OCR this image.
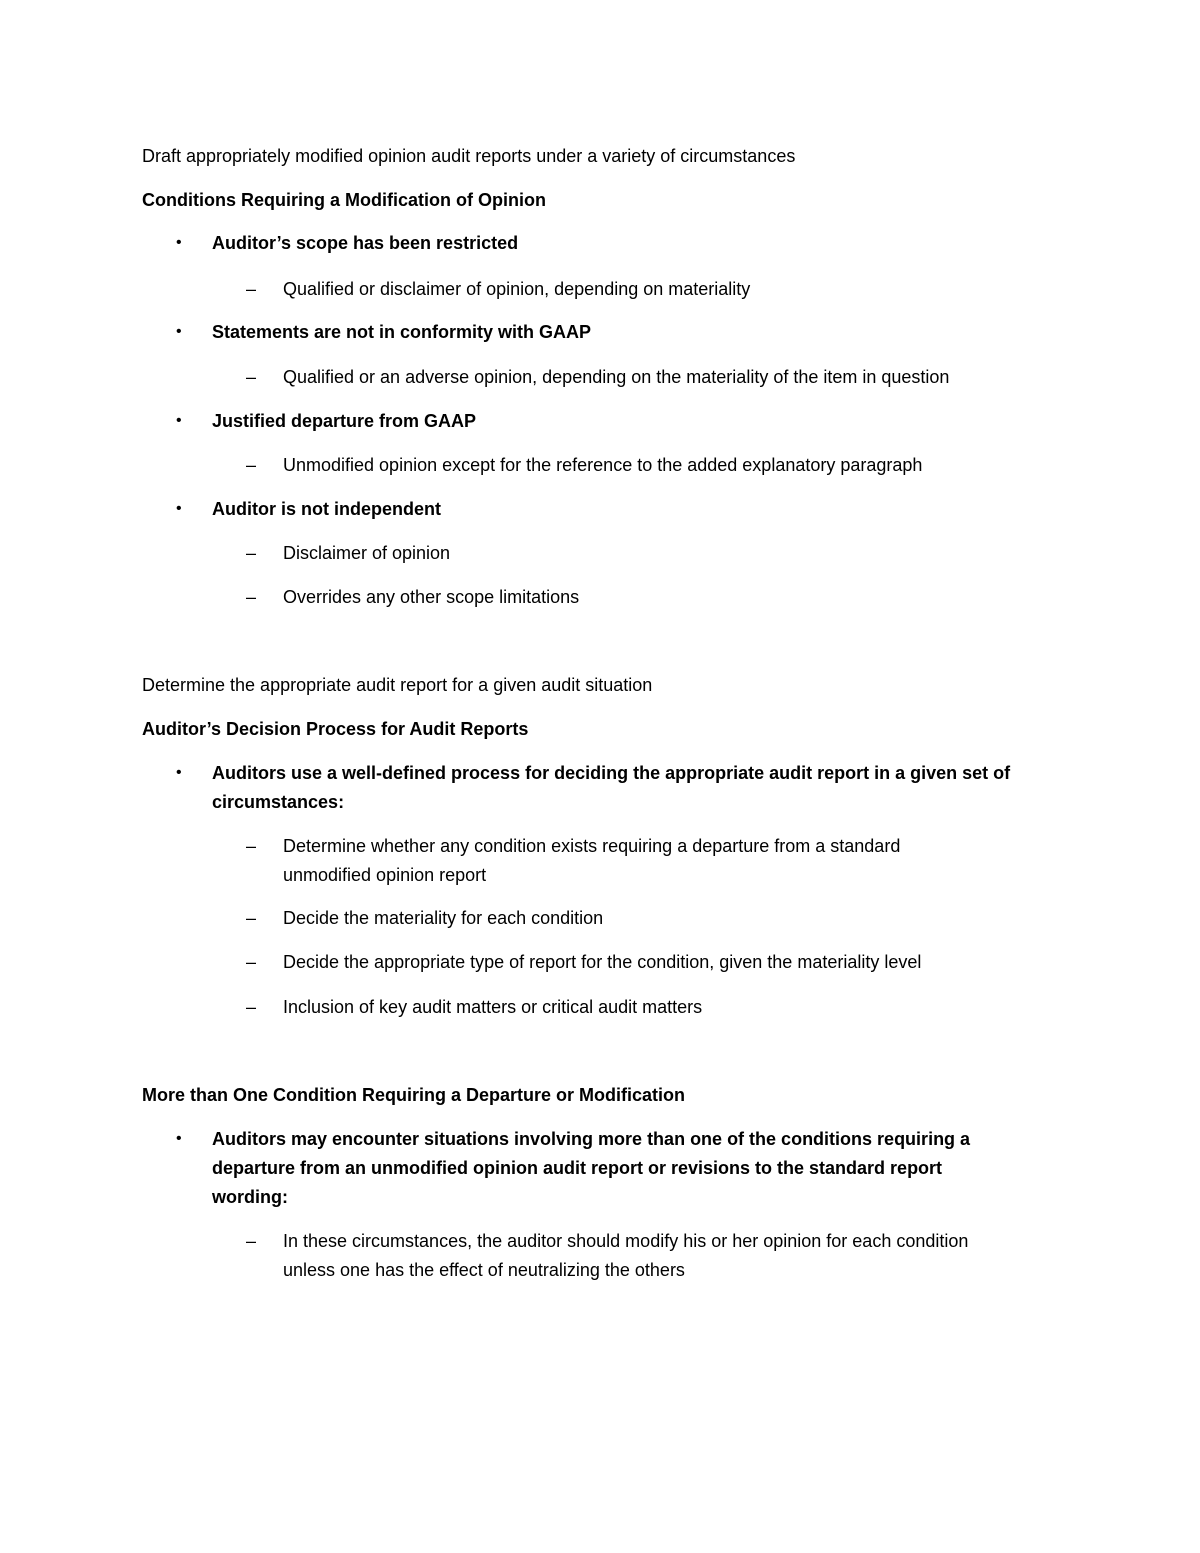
Draft appropriately modified opinion audit reports under a variety of circumstances
Conditions Requiring a Modification of Opinion
• Auditor’s scope has been restricted
– Qualified or disclaimer of opinion, depending on materiality
• Statements are not in conformity with GAAP
– Qualified or an adverse opinion, depending on the materiality of the item in question
• Justified departure from GAAP
– Unmodified opinion except for the reference to the added explanatory paragraph
• Auditor is not independent
– Disclaimer of opinion
– Overrides any other scope limitations
Determine the appropriate audit report for a given audit situation
Auditor’s Decision Process for Audit Reports
• Auditors use a well-defined process for deciding the appropriate audit report in a given set of
circumstances:
– Determine whether any condition exists requiring a departure from a standard
unmodified opinion report
– Decide the materiality for each condition
– Decide the appropriate type of report for the condition, given the materiality level
– Inclusion of key audit matters or critical audit matters
More than One Condition Requiring a Departure or Modification
• Auditors may encounter situations involving more than one of the conditions requiring a
departure from an unmodified opinion audit report or revisions to the standard report
wording:
– In these circumstances, the auditor should modify his or her opinion for each condition
unless one has the effect of neutralizing the others
